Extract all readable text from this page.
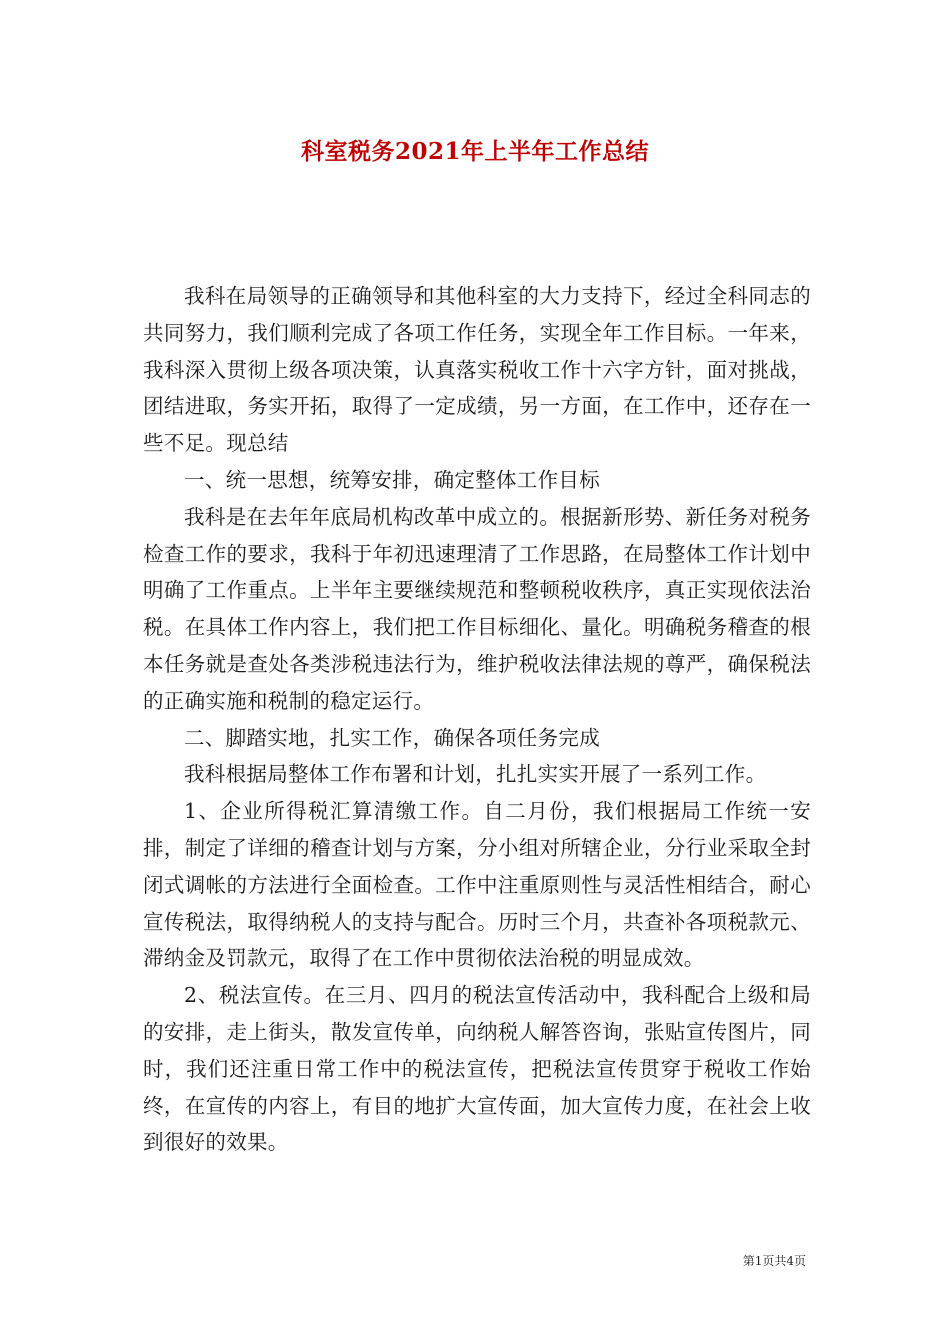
科室税务2021年上半年工作总结

我科在局领导的正确领导和其他科室的大力支持下，经过全科同志的共同努力，我们顺利完成了各项工作任务，实现全年工作目标。一年来，我科深入贯彻上级各项决策，认真落实税收工作十六字方针，面对挑战，团结进取，务实开拓，取得了一定成绩，另一方面，在工作中，还存在一些不足。现总结

一、统一思想，统筹安排，确定整体工作目标

我科是在去年年底局机构改革中成立的。根据新形势、新任务对税务检查工作的要求，我科于年初迅速理清了工作思路，在局整体工作计划中明确了工作重点。上半年主要继续规范和整顿税收秩序，真正实现依法治税。在具体工作内容上，我们把工作目标细化、量化。明确税务稽查的根本任务就是查处各类涉税违法行为，维护税收法律法规的尊严，确保税法的正确实施和税制的稳定运行。

二、脚踏实地，扎实工作，确保各项任务完成

我科根据局整体工作布署和计划，扎扎实实开展了一系列工作。

1、企业所得税汇算清缴工作。自二月份，我们根据局工作统一安排，制定了详细的稽查计划与方案，分小组对所辖企业，分行业采取全封闭式调帐的方法进行全面检查。工作中注重原则性与灵活性相结合，耐心宣传税法，取得纳税人的支持与配合。历时三个月，共查补各项税款元、滞纳金及罚款元，取得了在工作中贯彻依法治税的明显成效。

2、税法宣传。在三月、四月的税法宣传活动中，我科配合上级和局的安排，走上街头，散发宣传单，向纳税人解答咨询，张贴宣传图片，同时，我们还注重日常工作中的税法宣传，把税法宣传贯穿于税收工作始终，在宣传的内容上，有目的地扩大宣传面，加大宣传力度，在社会上收到很好的效果。

第1页共4页
